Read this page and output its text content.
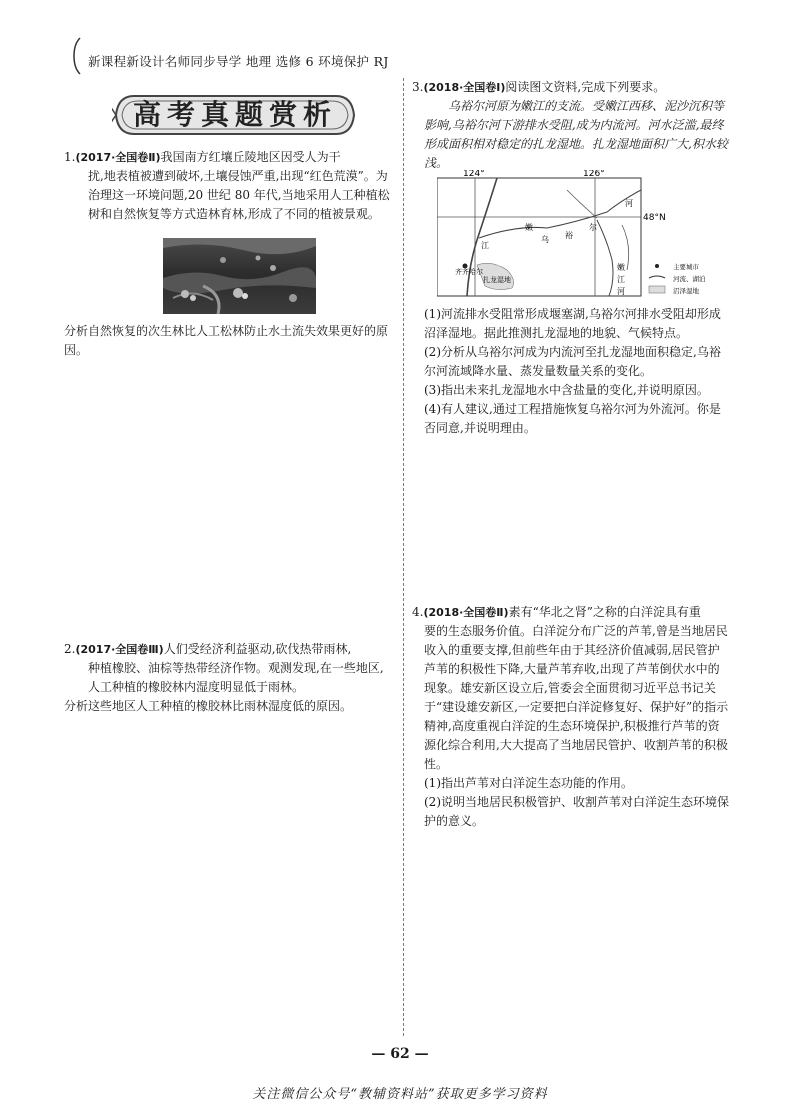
新课程新设计名师同步导学 地理 选修 6 环境保护 RJ
高考真题赏析

1.(2017·全国卷Ⅱ)我国南方红壤丘陵地区因受人为干

扰,地表植被遭到破坏,土壤侵蚀严重,出现“红色荒漠”。为治理这一环境问题,20 世纪 80 年代,当地采用人工种植松树和自然恢复等方式造林育林,形成了不同的植被景观。

分析自然恢复的次生林比人工松林防止水土流失效果更好的原因。

2.(2017·全国卷Ⅲ)人们受经济利益驱动,砍伐热带雨林,

种植橡胶、油棕等热带经济作物。观测发现,在一些地区,人工种植的橡胶林内湿度明显低于雨林。

分析这些地区人工种植的橡胶林比雨林湿度低的原因。

3.(2018·全国卷Ⅰ)阅读图文资料,完成下列要求。

乌裕尔河原为嫩江的支流。受嫩江西移、泥沙沉积等影响,乌裕尔河下游排水受阻,成为内流河。河水泛滥,最终形成面积相对稳定的扎龙湿地。扎龙湿地面积广大,积水较浅。

124°	126°
48°N
嫩
乌 裕
尔
河
江
嫩
江
河
齐齐哈尔
扎龙湿地
主要城市
河流、湖泊
沼泽湿地

(1)河流排水受阻常形成堰塞湖,乌裕尔河排水受阻却形成沼泽湿地。据此推测扎龙湿地的地貌、气候特点。

(2)分析从乌裕尔河成为内流河至扎龙湿地面积稳定,乌裕尔河流域降水量、蒸发量数量关系的变化。

(3)指出未来扎龙湿地水中含盐量的变化,并说明原因。

(4)有人建议,通过工程措施恢复乌裕尔河为外流河。你是否同意,并说明理由。

4.(2018·全国卷Ⅱ)素有“华北之肾”之称的白洋淀具有重

要的生态服务价值。白洋淀分布广泛的芦苇,曾是当地居民收入的重要支撑,但前些年由于其经济价值减弱,居民管护芦苇的积极性下降,大量芦苇弃收,出现了芦苇倒伏水中的现象。雄安新区设立后,管委会全面贯彻习近平总书记关于“建设雄安新区,一定要把白洋淀修复好、保护好”的指示精神,高度重视白洋淀的生态环境保护,积极推行芦苇的资源化综合利用,大大提高了当地居民管护、收割芦苇的积极性。

(1)指出芦苇对白洋淀生态功能的作用。

(2)说明当地居民积极管护、收割芦苇对白洋淀生态环境保护的意义。

— 62 —
关注微信公众号“教辅资料站”获取更多学习资料
